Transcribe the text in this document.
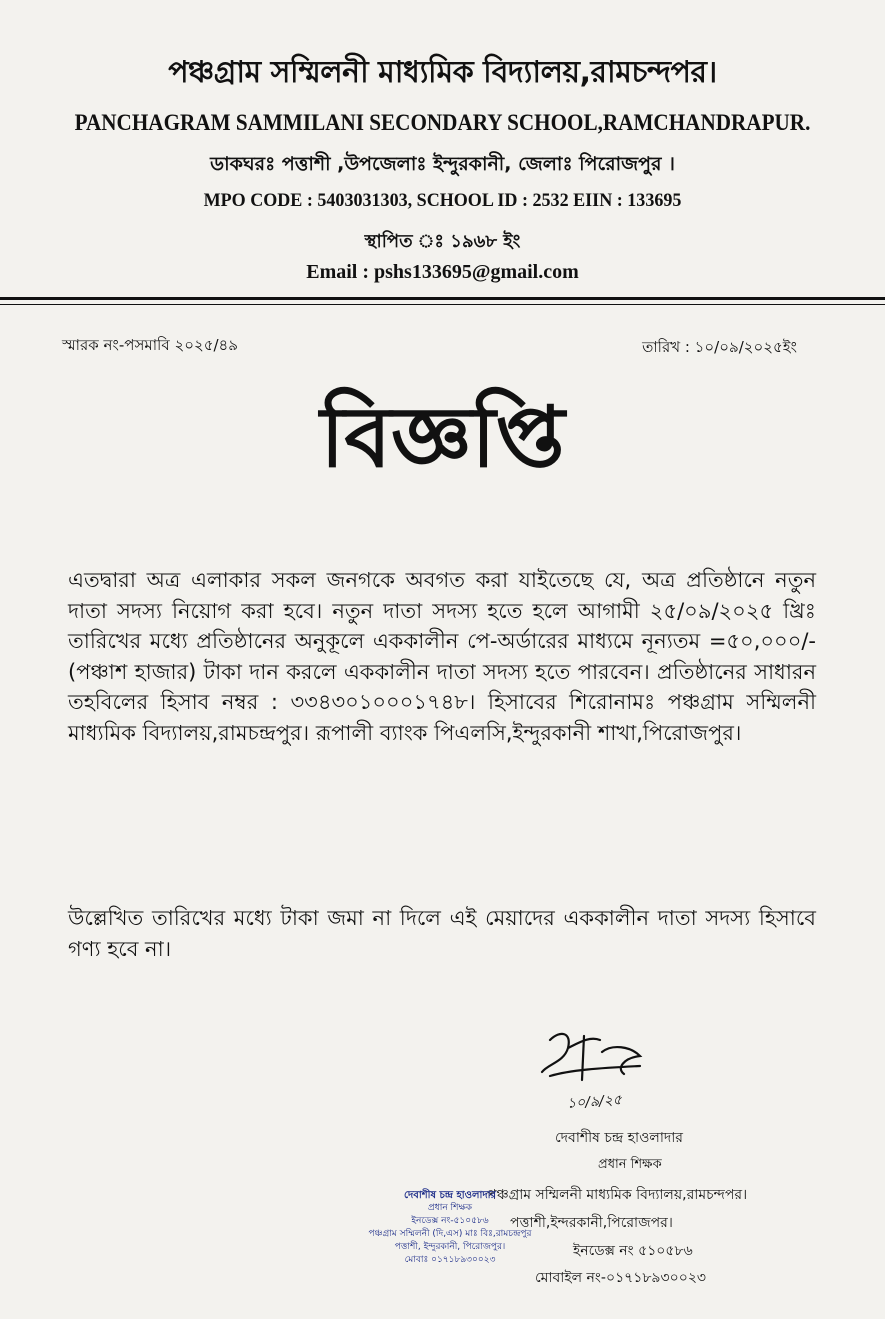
পঞ্চগ্রাম সম্মিলনী মাধ্যমিক বিদ্যালয়,রামচন্দপর।
PANCHAGRAM SAMMILANI SECONDARY SCHOOL,RAMCHANDRAPUR.
ডাকঘরঃ পত্তাশী ,উপজেলাঃ ইন্দুরকানী, জেলাঃ পিরোজপুর ।
MPO CODE : 5403031303, SCHOOL ID : 2532 EIIN : 133695
স্থাপিত ঃ ১৯৬৮ ইং
Email : pshs133695@gmail.com
স্মারক নং-পসমাবি ২০২৫/৪৯	তারিখ : ১০/০৯/২০২৫ইং
বিজ্ঞপ্তি
এতদ্বারা অত্র এলাকার সকল জনগকে অবগত করা যাইতেছে যে, অত্র প্রতিষ্ঠানে নতুন দাতা সদস্য নিয়োগ করা হবে। নতুন দাতা সদস্য হতে হলে আগামী ২৫/০৯/২০২৫ খ্রিঃ তারিখের মধ্যে প্রতিষ্ঠানের অনুকূলে এককালীন পে-অর্ডারের মাধ্যমে নূন্যতম =৫০,০০০/- (পঞ্চাশ হাজার) টাকা দান করলে এককালীন দাতা সদস্য হতে পারবেন। প্রতিষ্ঠানের সাধারন তহবিলের হিসাব নম্বর : ৩৩৪৩০১০০০১৭৪৮। হিসাবের শিরোনামঃ পঞ্চগ্রাম সম্মিলনী মাধ্যমিক বিদ্যালয়,রামচন্দ্রপুর। রূপালী ব্যাংক পিএলসি,ইন্দুরকানী শাখা,পিরোজপুর।
উল্লেখিত তারিখের মধ্যে টাকা জমা না দিলে এই মেয়াদের এককালীন দাতা সদস্য হিসাবে গণ্য হবে না।
১০/৯/২৫
দেবাশীষ চন্দ্র হাওলাদার
প্রধান শিক্ষক
পঞ্চগ্রাম সম্মিলনী মাধ্যমিক বিদ্যালয়,রামচন্দপর।
পত্তাশী,ইন্দরকানী,পিরোজপর।
ইনডেক্স নং ৫১০৫৮৬
মোবাইল নং-০১৭১৮৯৩০০২৩
দেবাশীষ চন্দ্র হাওলাদার
প্রধান শিক্ষক
ইনডেক্স নং-৫১০৫৮৬
পঞ্চগ্রাম সম্মিলনী (দি,এস) মাঃ বিঃ,রামচন্দ্রপুর
পত্তাশী, ইন্দুরকানী, পিরোজপুর।
মোবাঃ ০১৭১৮৯৩০০২৩
